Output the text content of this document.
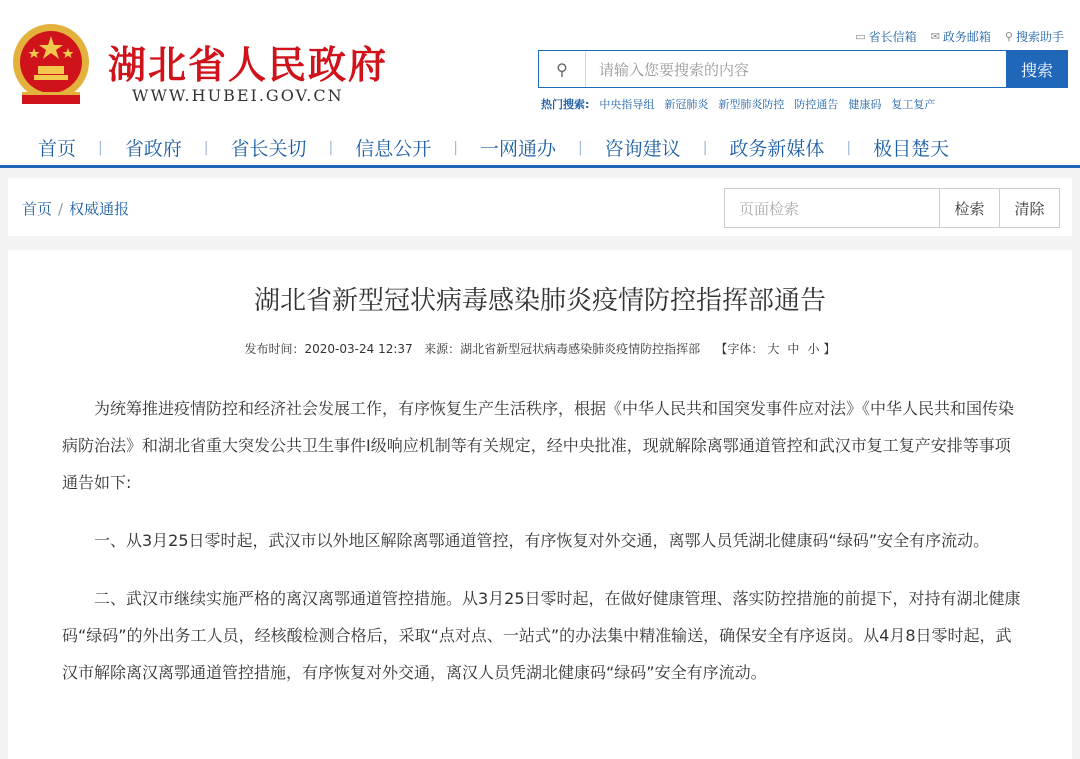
湖北省人民政府
WWW.HUBEI.GOV.CN
▭ 省长信箱 ✉ 政务邮箱 ⚲ 搜索助手
⚲
请输入您要搜索的内容	搜索
热门搜索: 中央指导组 新冠肺炎 新型肺炎防控 防控通告 健康码 复工复产
首页 | 省政府 | 省长关切 | 信息公开 | 一网通办 | 咨询建议 | 政务新媒体 | 极目楚天
首页 / 权威通报
页面检索	检索	清除
湖北省新型冠状病毒感染肺炎疫情防控指挥部通告
发布时间：2020-03-24 12:37 来源：湖北省新型冠状病毒感染肺炎疫情防控指挥部 【字体： 大 中 小 】

为统筹推进疫情防控和经济社会发展工作，有序恢复生产生活秩序，根据《中华人民共和国突发事件应对法》《中华人民共和国传染病防治法》和湖北省重大突发公共卫生事件I级响应机制等有关规定，经中央批准，现就解除离鄂通道管控和武汉市复工复产安排等事项通告如下:

一、从3月25日零时起，武汉市以外地区解除离鄂通道管控，有序恢复对外交通，离鄂人员凭湖北健康码“绿码”安全有序流动。

二、武汉市继续实施严格的离汉离鄂通道管控措施。从3月25日零时起，在做好健康管理、落实防控措施的前提下，对持有湖北健康码“绿码”的外出务工人员，经核酸检测合格后，采取“点对点、一站式”的办法集中精准输送，确保安全有序返岗。从4月8日零时起，武汉市解除离汉离鄂通道管控措施，有序恢复对外交通，离汉人员凭湖北健康码“绿码”安全有序流动。
